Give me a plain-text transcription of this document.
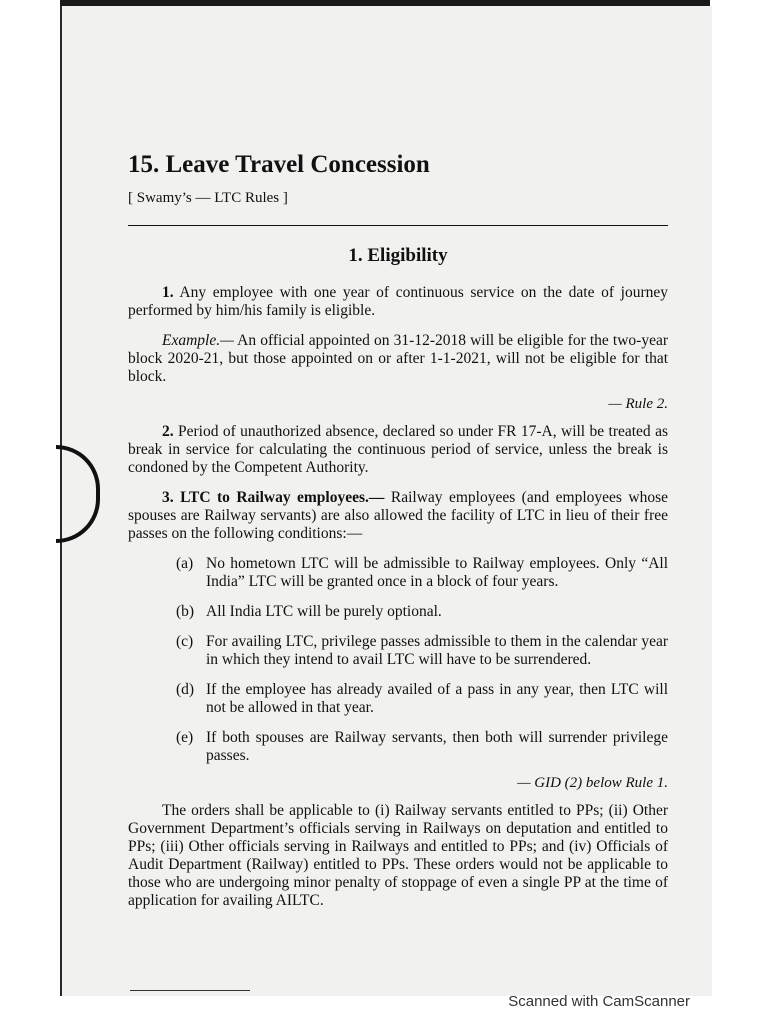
15. Leave Travel Concession
[ Swamy’s — LTC Rules ]
1. Eligibility

1. Any employee with one year of continuous service on the date of journey performed by him/his family is eligible.

Example.— An official appointed on 31-12-2018 will be eligible for the two-year block 2020-21, but those appointed on or after 1-1-2021, will not be eligible for that block.

— Rule 2.

2. Period of unauthorized absence, declared so under FR 17-A, will be treated as break in service for calculating the continuous period of service, unless the break is condoned by the Competent Authority.

3. LTC to Railway employees.— Railway employees (and employees whose spouses are Railway servants) are also allowed the facility of LTC in lieu of their free passes on the following conditions:—

(a) No hometown LTC will be admissible to Railway employees. Only “All India” LTC will be granted once in a block of four years.
(b) All India LTC will be purely optional.
(c) For availing LTC, privilege passes admissible to them in the calendar year in which they intend to avail LTC will have to be surrendered.
(d) If the employee has already availed of a pass in any year, then LTC will not be allowed in that year.
(e) If both spouses are Railway servants, then both will surrender privilege passes.
— GID (2) below Rule 1.

The orders shall be applicable to (i) Railway servants entitled to PPs; (ii) Other Government Department’s officials serving in Railways on deputation and entitled to PPs; (iii) Other officials serving in Railways and entitled to PPs; and (iv) Officials of Audit Department (Railway) entitled to PPs. These orders would not be applicable to those who are undergoing minor penalty of stoppage of even a single PP at the time of application for availing AILTC.

Scanned with CamScanner
